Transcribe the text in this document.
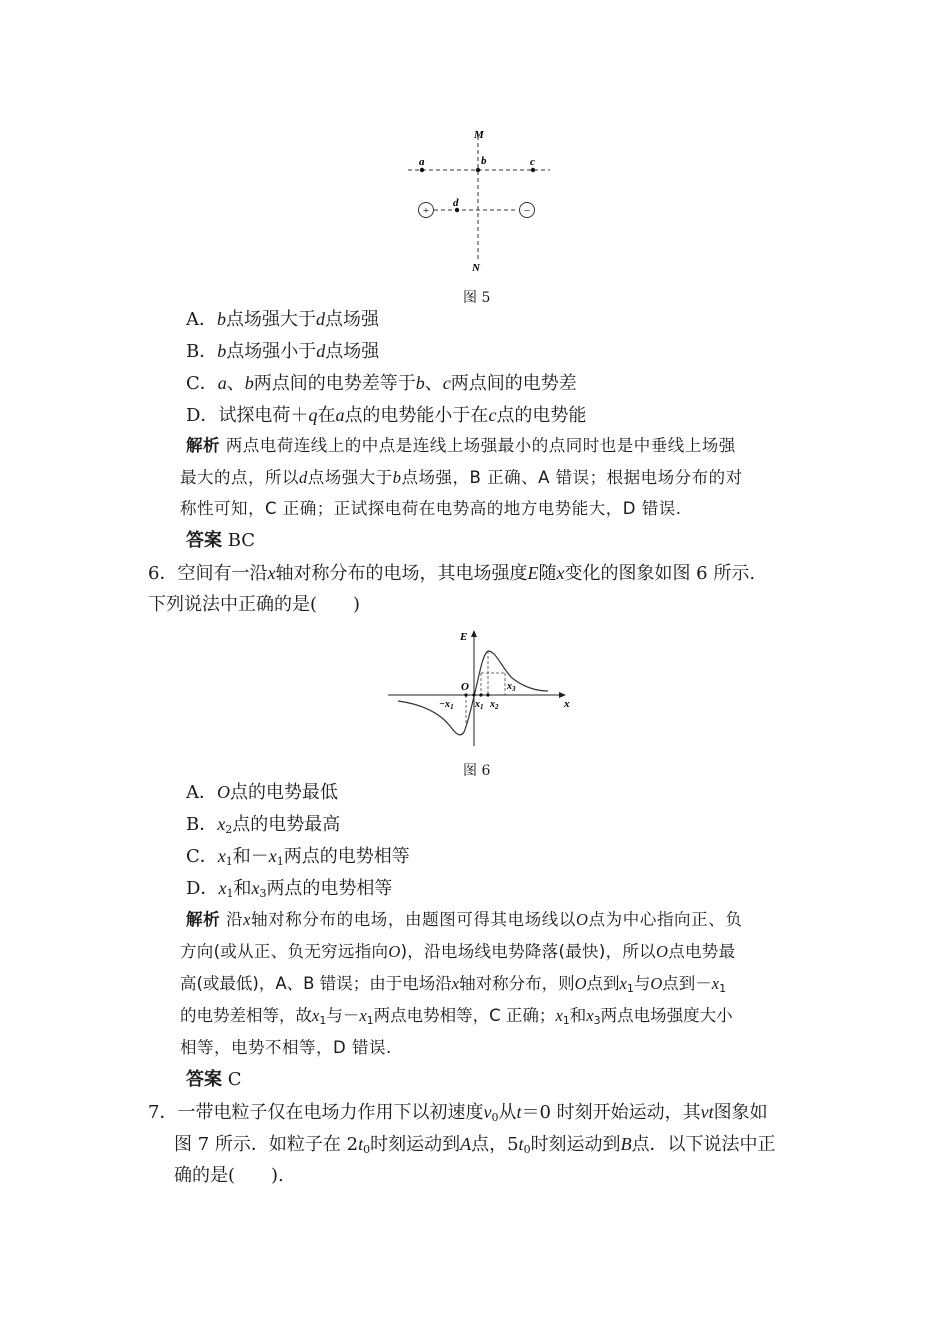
+	−
M
N
a	b	c
d
图 5
A．b点场强大于d点场强
B．b点场强小于d点场强
C．a、b两点间的电势差等于b、c两点间的电势差
D．试探电荷＋q在a点的电势能小于在c点的电势能
解析 两点电荷连线上的中点是连线上场强最小的点同时也是中垂线上场强
最大的点，所以d点场强大于b点场强，B 正确、A 错误；根据电场分布的对
称性可知，C 正确；正试探电荷在电势高的地方电势能大，D 错误.
答案 BC
6．空间有一沿x轴对称分布的电场，其电场强度E随x变化的图象如图 6 所示.
下列说法中正确的是(　　)
E
O
x
$-x_1$ $x_1$ $x_2$
$x_3$
图 6
A．O点的电势最低
B．$x_2$点的电势最高
C．$x_1$和$-x_1$两点的电势相等
D．$x_1$和$x_3$两点的电势相等
解析 沿x轴对称分布的电场，由题图可得其电场线以O点为中心指向正、负
方向(或从正、负无穷远指向O)，沿电场线电势降落(最快)，所以O点电势最
高(或最低)，A、B 错误；由于电场沿x轴对称分布，则O点到$x_1$与O点到$-x_1$
的电势差相等，故$x_1$与$-x_1$两点电势相等，C 正确；$x_1$和$x_3$两点电场强度大小
相等，电势不相等，D 错误.
答案 C
7．一带电粒子仅在电场力作用下以初速度$v_0$从t＝0 时刻开始运动，其vt图象如
图 7 所示．如粒子在 $2t_0$时刻运动到A点，$5t_0$时刻运动到B点．以下说法中正
确的是(　　).
